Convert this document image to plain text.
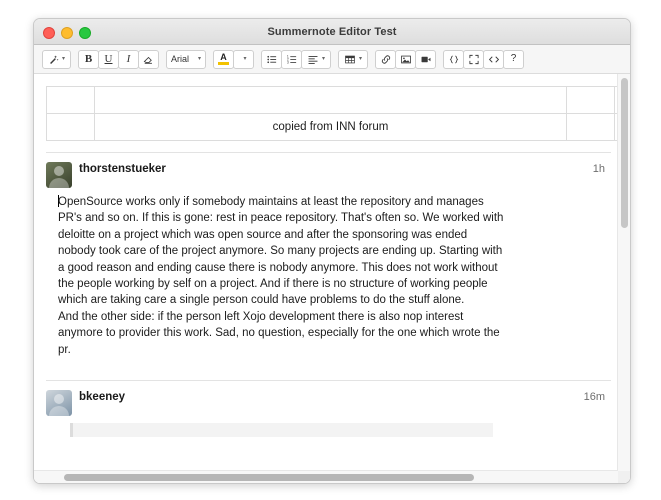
Summernote Editor Test
▾	B	U	I	Arial ▾ A	▾	1
2
3	▾	▾	?

	copied from INN forum		
1h
thorstenstueker

OpenSource works only if somebody maintains at least the repository and manages PR's and so on. If this is gone: rest in peace repository. That's often so. We worked with deloitte on a project which was open source and after the sponsoring was ended nobody took care of the project anymore. So many projects are ending up. Starting with a good reason and ending cause there is nobody anymore. This does not work without the people working by self on a project. And if there is no structure of working people which are taking care a single person could have problems to do the stuff alone.

And the other side: if the person left Xojo development there is also nop interest anymore to provider this work. Sad, no question, especially for the one which wrote the pr.

16m
bkeeney
